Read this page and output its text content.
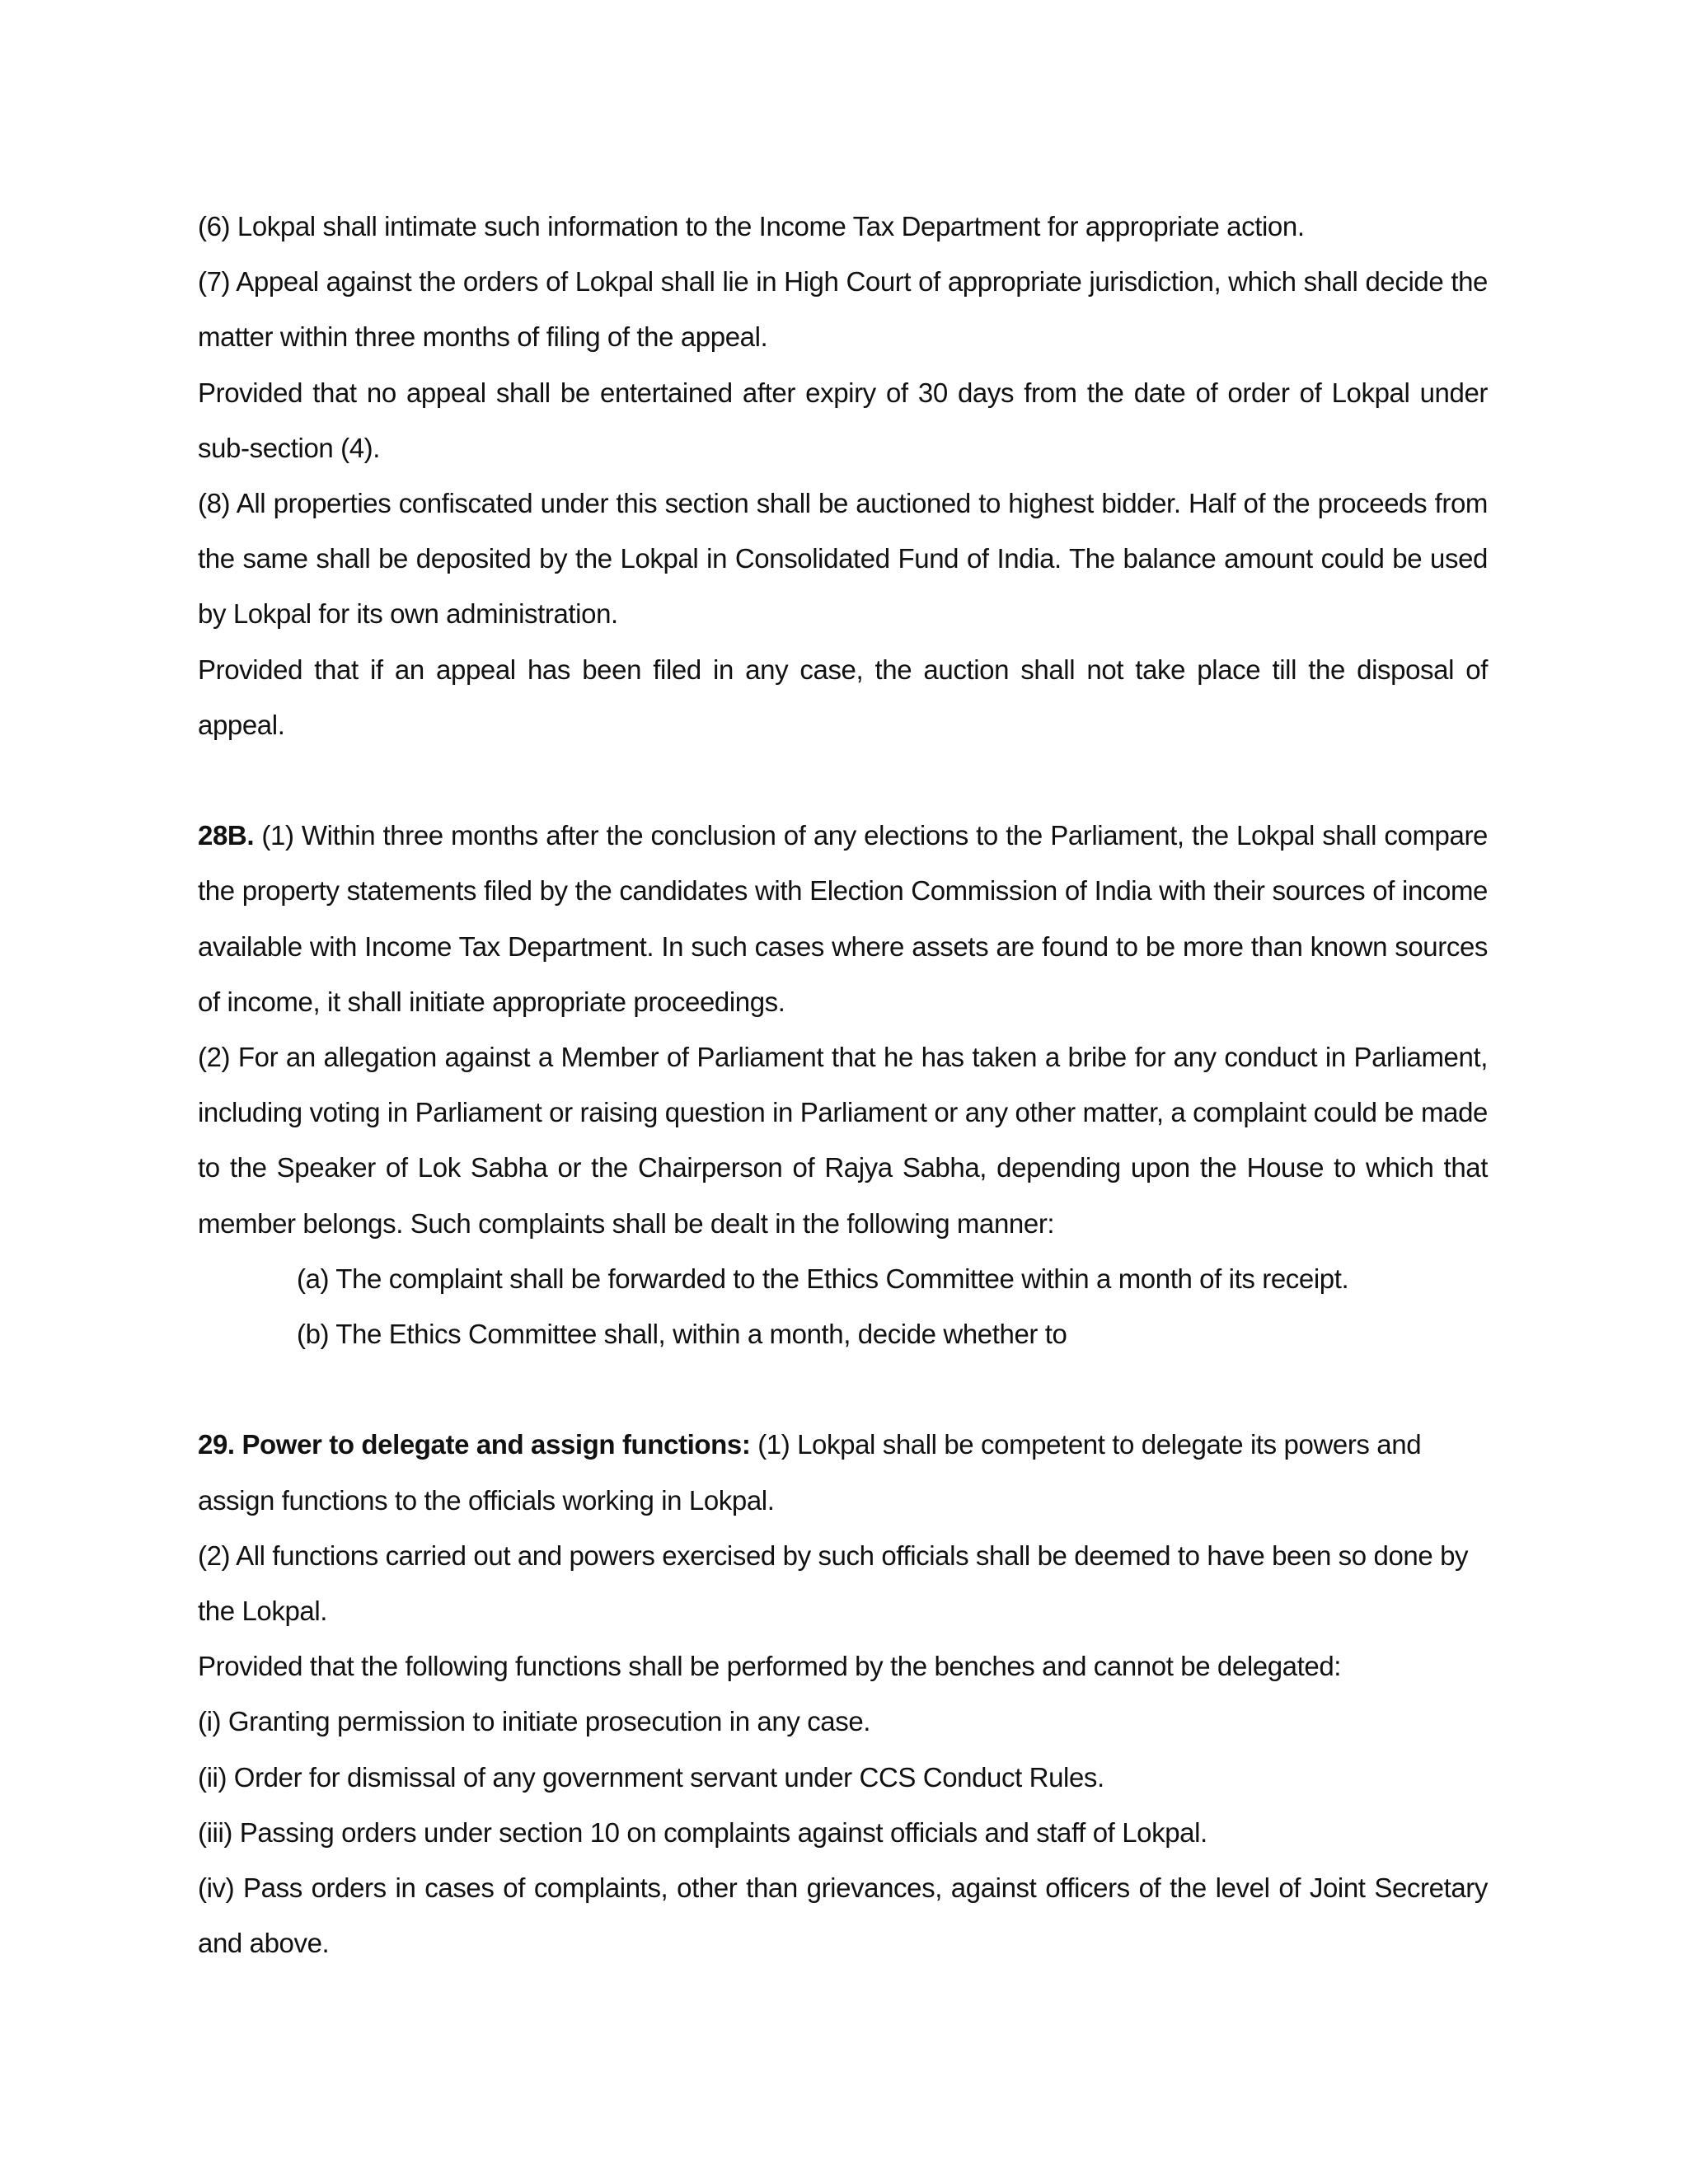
(6) Lokpal shall intimate such information to the Income Tax Department for appropriate action.

(7) Appeal against the orders of Lokpal shall lie in High Court of appropriate jurisdiction, which shall decide the matter within three months of filing of the appeal.

Provided that no appeal shall be entertained after expiry of 30 days from the date of order of Lokpal under sub-section (4).

(8) All properties confiscated under this section shall be auctioned to highest bidder. Half of the proceeds from the same shall be deposited by the Lokpal in Consolidated Fund of India. The balance amount could be used by Lokpal for its own administration.

Provided that if an appeal has been filed in any case, the auction shall not take place till the disposal of appeal.

28B. (1) Within three months after the conclusion of any elections to the Parliament, the Lokpal shall compare the property statements filed by the candidates with Election Commission of India with their sources of income available with Income Tax Department. In such cases where assets are found to be more than known sources of income, it shall initiate appropriate proceedings.

(2) For an allegation against a Member of Parliament that he has taken a bribe for any conduct in Parliament, including voting in Parliament or raising question in Parliament or any other matter, a complaint could be made to the Speaker of Lok Sabha or the Chairperson of Rajya Sabha, depending upon the House to which that member belongs. Such complaints shall be dealt in the following manner:

(a) The complaint shall be forwarded to the Ethics Committee within a month of its receipt.

(b) The Ethics Committee shall, within a month, decide whether to

29. Power to delegate and assign functions: (1) Lokpal shall be competent to delegate its powers and assign functions to the officials working in Lokpal.

(2) All functions carried out and powers exercised by such officials shall be deemed to have been so done by the Lokpal.

Provided that the following functions shall be performed by the benches and cannot be delegated:

(i) Granting permission to initiate prosecution in any case.

(ii) Order for dismissal of any government servant under CCS Conduct Rules.

(iii) Passing orders under section 10 on complaints against officials and staff of Lokpal.

(iv) Pass orders in cases of complaints, other than grievances, against officers of the level of Joint Secretary and above.
